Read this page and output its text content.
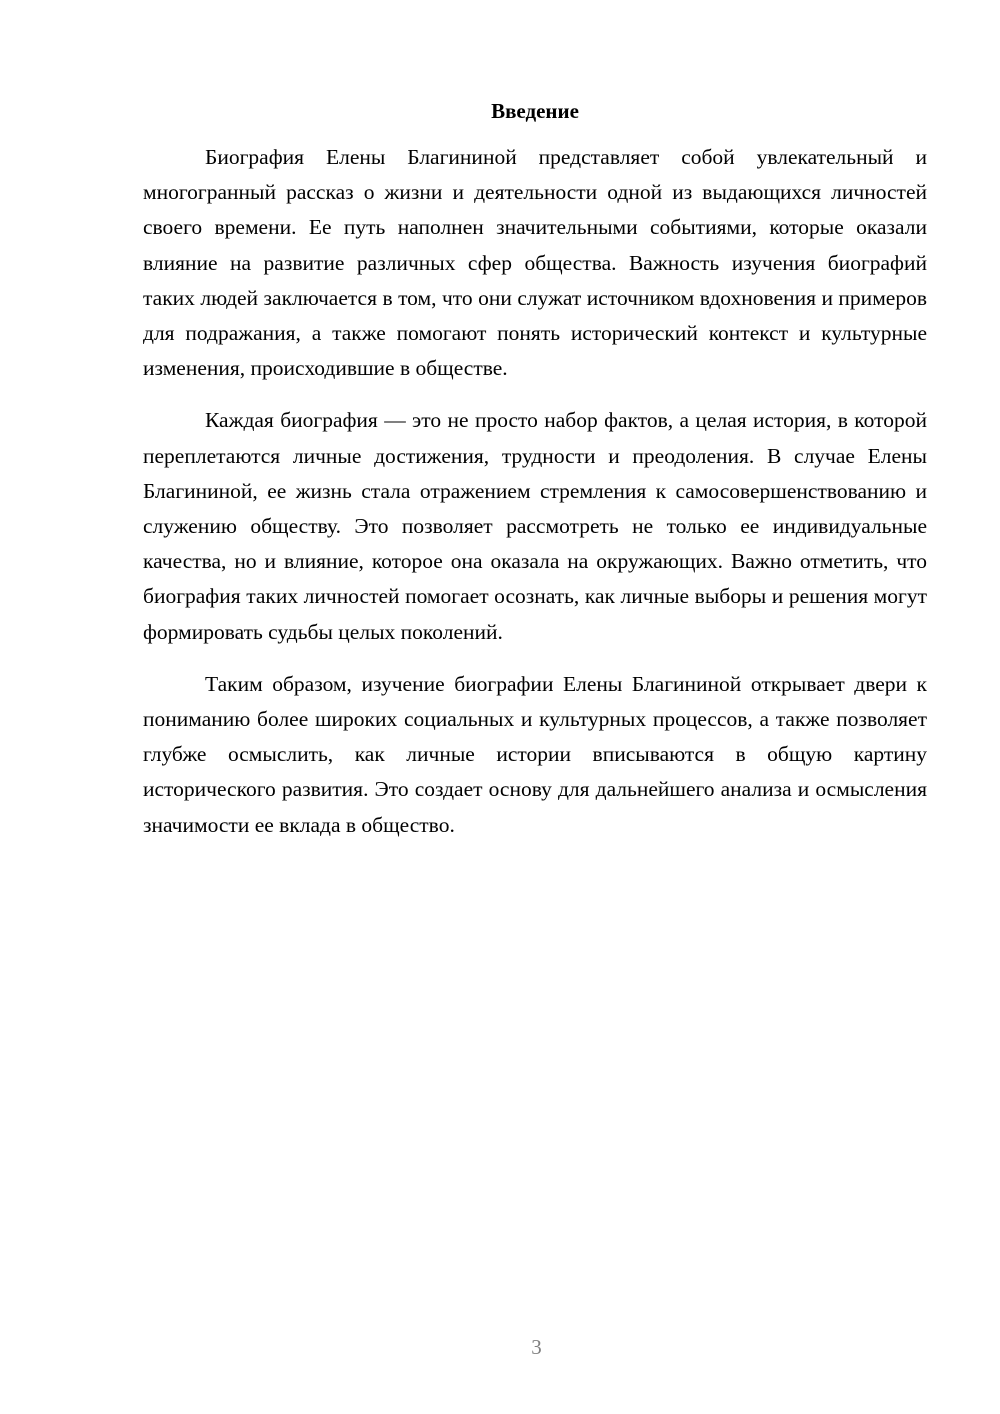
Введение

Биография Елены Благининой представляет собой увлекательный и многогранный рассказ о жизни и деятельности одной из выдающихся личностей своего времени. Ее путь наполнен значительными событиями, которые оказали влияние на развитие различных сфер общества. Важность изучения биографий таких людей заключается в том, что они служат источником вдохновения и примеров для подражания, а также помогают понять исторический контекст и культурные изменения, происходившие в обществе.

Каждая биография — это не просто набор фактов, а целая история, в которой переплетаются личные достижения, трудности и преодоления. В случае Елены Благининой, ее жизнь стала отражением стремления к самосовершенствованию и служению обществу. Это позволяет рассмотреть не только ее индивидуальные качества, но и влияние, которое она оказала на окружающих. Важно отметить, что биография таких личностей помогает осознать, как личные выборы и решения могут формировать судьбы целых поколений.

Таким образом, изучение биографии Елены Благининой открывает двери к пониманию более широких социальных и культурных процессов, а также позволяет глубже осмыслить, как личные истории вписываются в общую картину исторического развития. Это создает основу для дальнейшего анализа и осмысления значимости ее вклада в общество.

3
